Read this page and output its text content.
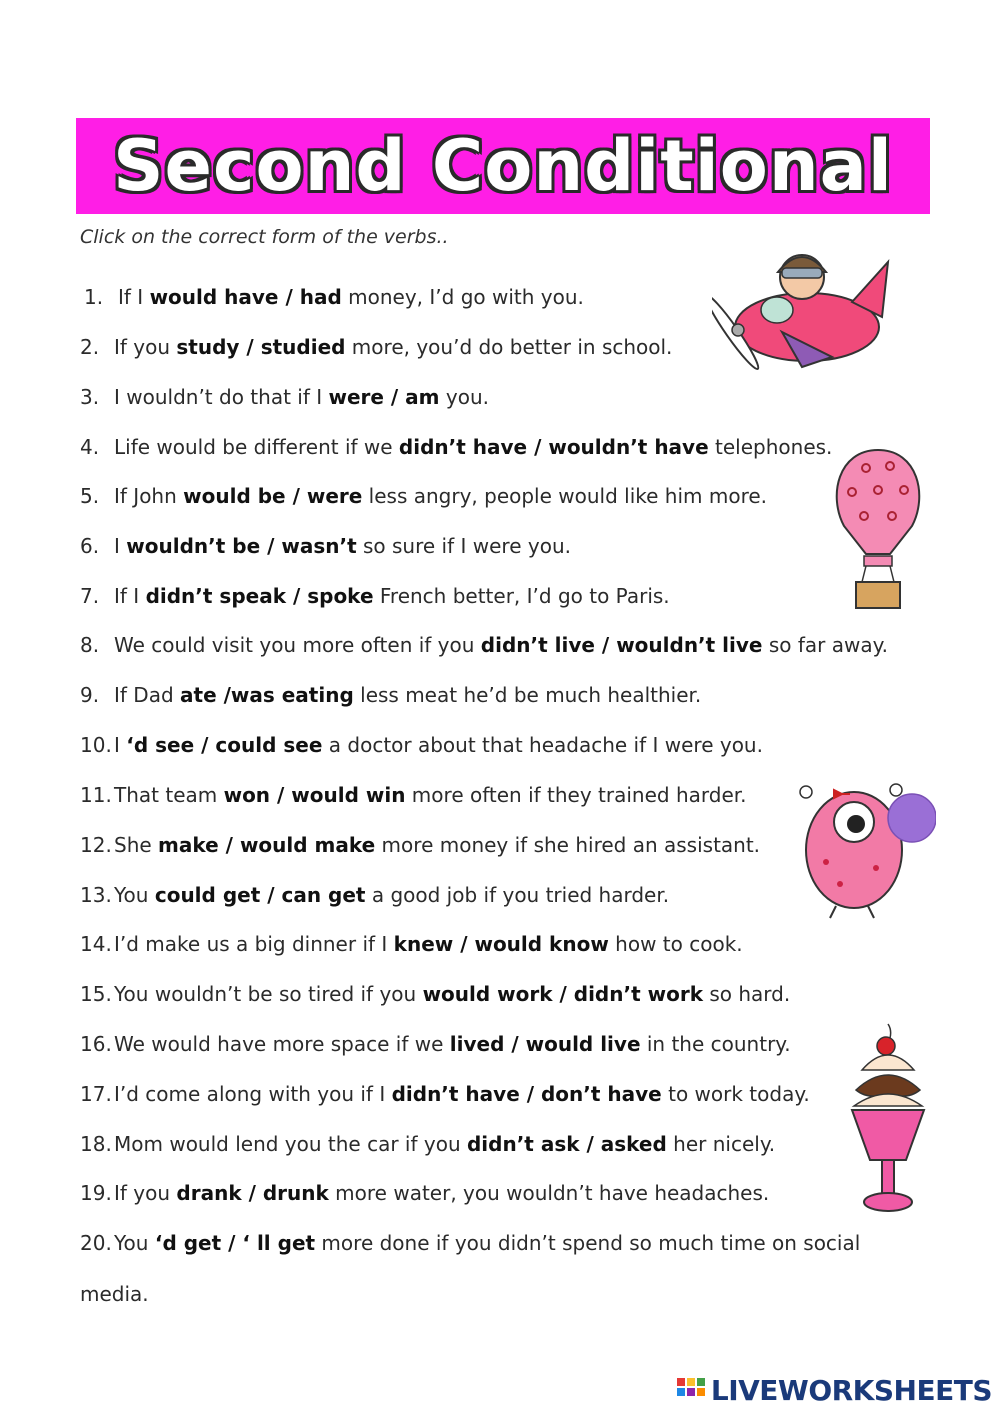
Second Conditional
Click on the correct form of the verbs..
1. If I would have / had money, I’d go with you.
2. If you study / studied more, you’d do better in school.
3. I wouldn’t do that if I were / am you.
4. Life would be different if we didn’t have / wouldn’t have telephones.
5. If John would be / were less angry, people would like him more.
6. I wouldn’t be / wasn’t so sure if I were you.
7. If I didn’t speak / spoke French better, I’d go to Paris.
8. We could visit you more often if you didn’t live / wouldn’t live so far away.
9. If Dad ate /was eating less meat he’d be much healthier.
10. I ‘d see / could see a doctor about that headache if I were you.
11. That team won / would win more often if they trained harder.
12. She make / would make more money if she hired an assistant.
13. You could get / can get a good job if you tried harder.
14. I’d make us a big dinner if I knew / would know how to cook.
15. You wouldn’t be so tired if you would work / didn’t work so hard.
16. We would have more space if we lived / would live in the country.
17. I’d come along with you if I didn’t have / don’t have to work today.
18. Mom would lend you the car if you didn’t ask / asked her nicely.
19. If you drank / drunk more water, you wouldn’t have headaches.
20. You ‘d get / ‘ ll get more done if you didn’t spend so much time on social
media.
LIVEWORKSHEETS
